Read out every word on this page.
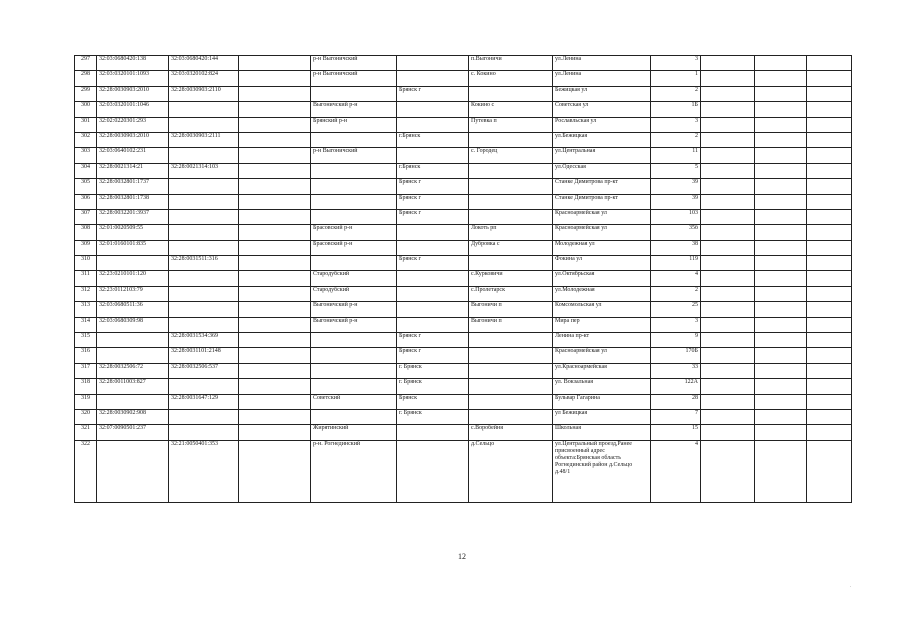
297	32:03:0680420:138	32:03:0680420:144		р-н Выгоничский		п.Выгоничи	ул.Ленина	3			
298	32:03:0320101:1093	32:03:0320102:824		р-н Выгоничский		с. Кокино	ул.Ленина	1			
299	32:28:0030903:2010	32:28:0030903:2110			Брянск г		Бежицкая ул	2			
300	32:03:0320101:1046			Выгоничский р-н		Кокино с	Советская ул	1Б			
301	32:02:0220301:293			Брянский р-н		Путевка п	Рославльская ул	3			
302	32:28:0030903:2010	32:28:0030903:2111			г.Брянск		ул.Бежицкая	2			
303	32:03:0640102:231			р-н Выгоничский		с. Городец	ул.Центральная	11			
304	32:28:0021314:21	32:28:0021314:103			г.Брянск		ул.Одесская	5			
305	32:28:0032801:1737				Брянск г		Станке Димитрова пр-кт	39			
306	32:28:0032801:1738				Брянск г		Станке Димитрова пр-кт	39			
307	32:28:0032201:3937				Брянск г		Красноармейская ул	103			
308	32:01:0020509:55			Брасовский р-н		Локоть рп	Красноармейская ул	35б			
309	32:01:0160101:835			Брасовский р-н		Дубровка с	Молодежная ул	38			
310		32:28:0031511:316			Брянск г		Фокина ул	119			
311	32:23:0210101:120			Стародубский		с.Курковичи	ул.Октябрьская	4			
312	32:23:0112103:79			Стародубский		с.Пролетарск	ул.Молодежная	2			
313	32:03:0680511:36			Выгоничский р-н		Выгоничи п	Комсомольская ул	25			
314	32:03:0680309:98			Выгоничский р-н		Выгоничи п	Мира пер	3			
315		32:28:0031534:369			Брянск г		Ленина пр-кт	9			
316		32:28:0031101:2148			Брянск г		Красноармейская ул	170Б			
317	32:28:0032506:72	32:28:0032506:537			г. Брянск		ул.Красноармейская	33			
318	32:28:0011003:827				г. Брянск		ул. Вокзальная	122А			
319		32:28:0031647:129		Советский	Брянск		Бульвар Гагарина	28			
320	32:28:0030902:908				г. Брянск		ул Бежицкая	7			
321	32:07:0090501:237			Жирятинский		с.Воробейня	Школьная	15			
322		32:21:0050401:353		р-н. Рогнединский		д.Сельцо	ул.Центральный проезд,Ранее присвоенный адрес объекта:Брянская область Рогнединский район д.Сельцо д.48/1	4			
12
.
